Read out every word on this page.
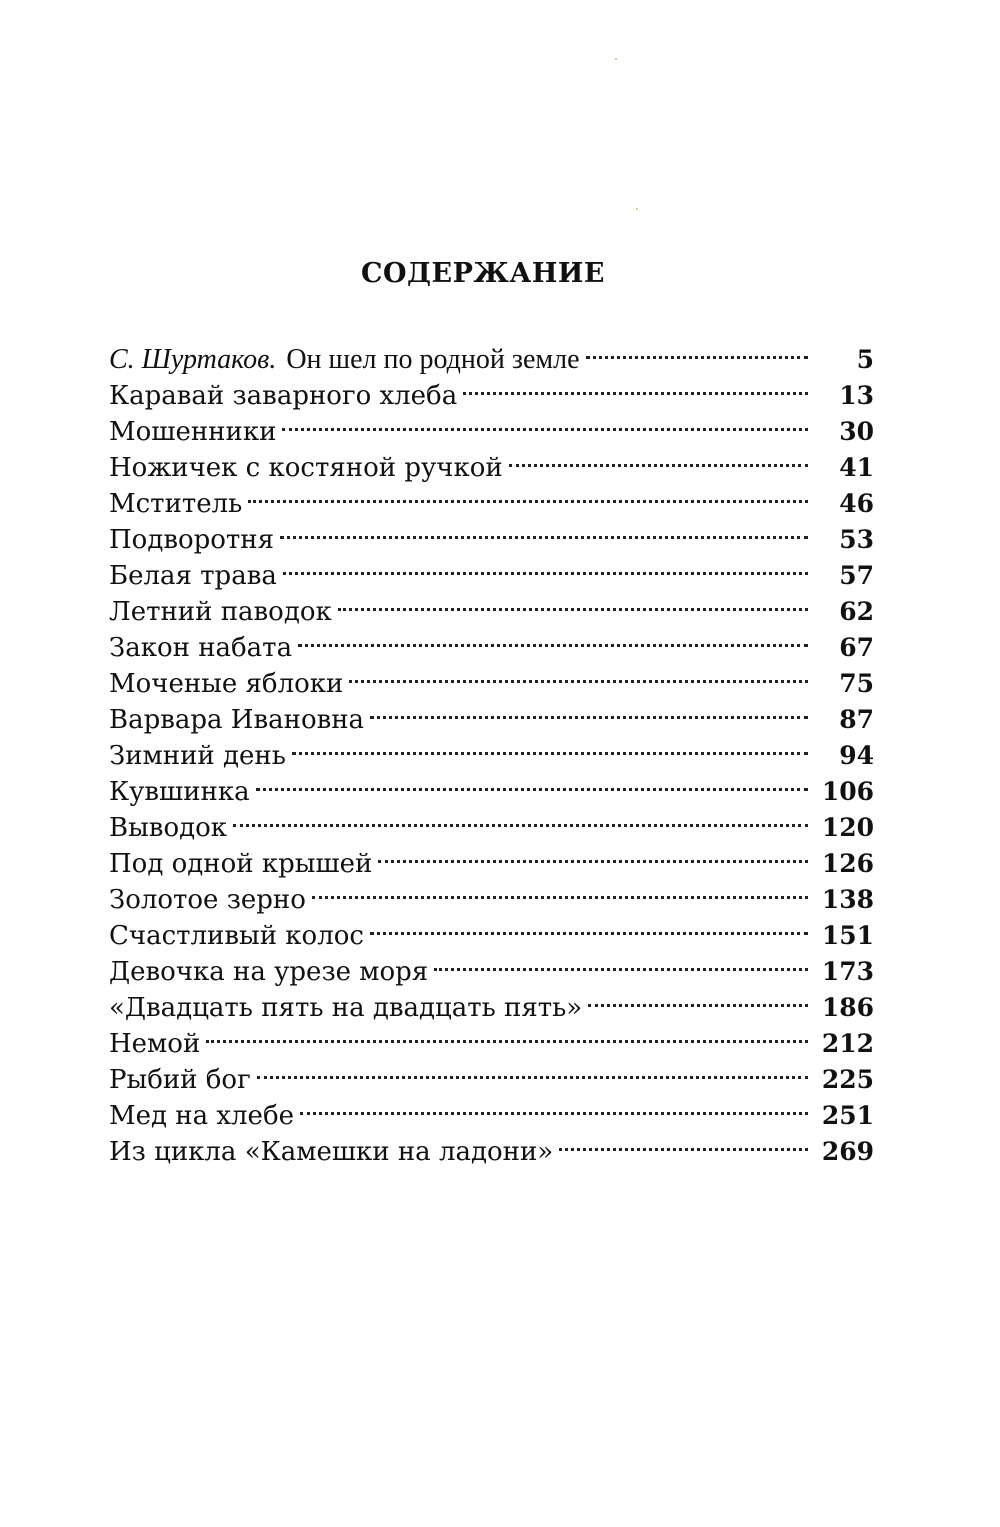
СОДЕРЖАНИЕ
С. Шуртаков. Он шел по родной земле	5
Каравай заварного хлеба	13
Мошенники	30
Ножичек с костяной ручкой	41
Мститель	46
Подворотня	53
Белая трава	57
Летний паводок	62
Закон набата	67
Моченые яблоки	75
Варвара Ивановна	87
Зимний день	94
Кувшинка	106
Выводок	120
Под одной крышей	126
Золотое зерно	138
Счастливый колос	151
Девочка на урезе моря	173
«Двадцать пять на двадцать пять»	186
Немой	212
Рыбий бог	225
Мед на хлебе	251
Из цикла «Камешки на ладони»	269
